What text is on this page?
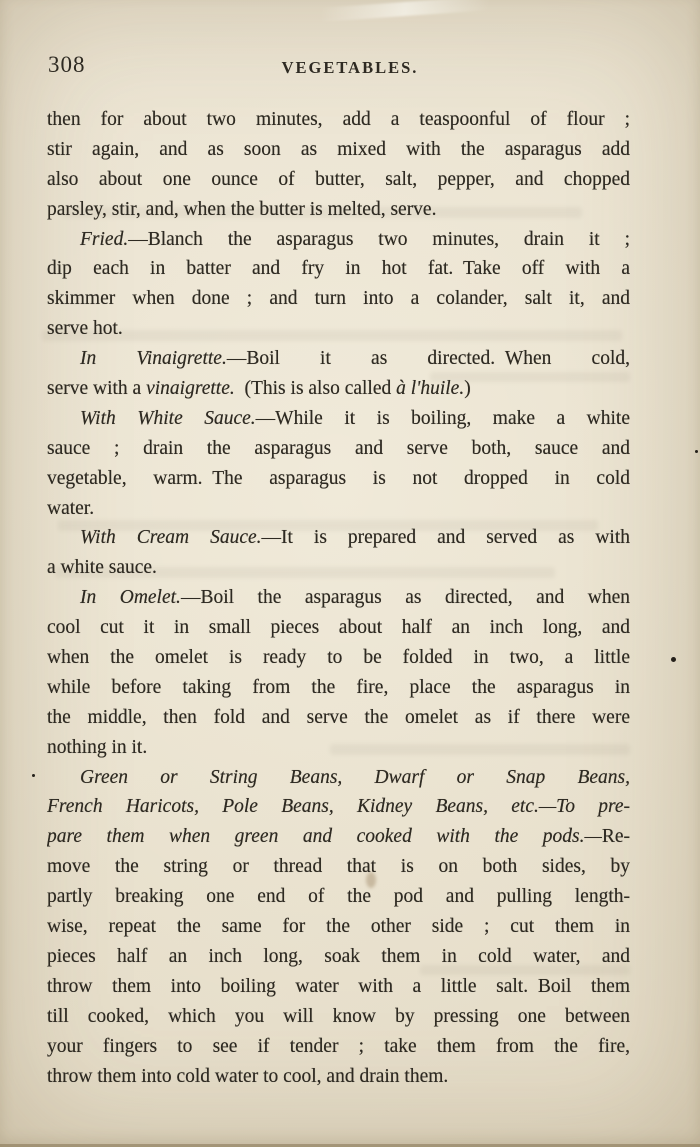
308	VEGETABLES.
then for about two minutes, add a teaspoonful of flour ;
stir again, and as soon as mixed with the asparagus add
also about one ounce of butter, salt, pepper, and chopped
parsley, stir, and, when the butter is melted, serve.
Fried.—Blanch the asparagus two minutes, drain it ;
dip each in batter and fry in hot fat. Take off with a
skimmer when done ; and turn into a colander, salt it, and
serve hot.
In Vinaigrette.—Boil it as directed. When cold,
serve with a vinaigrette. (This is also called à l'huile.)
With White Sauce.—While it is boiling, make a white
sauce ; drain the asparagus and serve both, sauce and
vegetable, warm. The asparagus is not dropped in cold
water.
With Cream Sauce.—It is prepared and served as with
a white sauce.
In Omelet.—Boil the asparagus as directed, and when
cool cut it in small pieces about half an inch long, and
when the omelet is ready to be folded in two, a little
while before taking from the fire, place the asparagus in
the middle, then fold and serve the omelet as if there were
nothing in it.
Green or String Beans, Dwarf or Snap Beans,
French Haricots, Pole Beans, Kidney Beans, etc.—To pre-
pare them when green and cooked with the pods.—Re-
move the string or thread that is on both sides, by
partly breaking one end of the pod and pulling length-
wise, repeat the same for the other side ; cut them in
pieces half an inch long, soak them in cold water, and
throw them into boiling water with a little salt. Boil them
till cooked, which you will know by pressing one between
your fingers to see if tender ; take them from the fire,
throw them into cold water to cool, and drain them.
